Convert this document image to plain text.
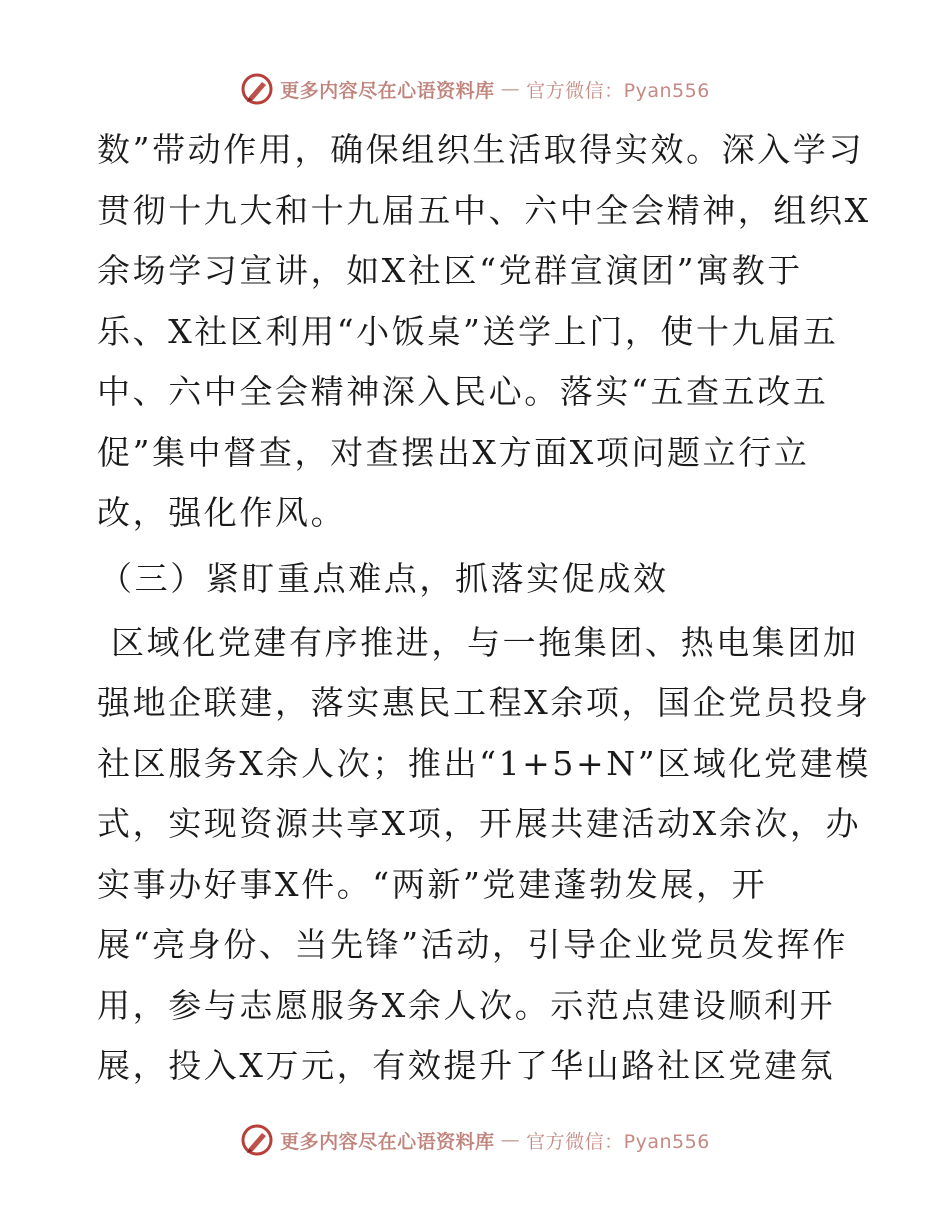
更多内容尽在心语资料库 — 官方微信：Pyan556
数”带动作用，确保组织生活取得实效。深入学习
贯彻十九大和十九届五中、六中全会精神，组织X
余场学习宣讲，如X社区“党群宣演团”寓教于
乐、X社区利用“小饭桌”送学上门，使十九届五
中、六中全会精神深入民心。落实“五查五改五
促”集中督查，对查摆出X方面X项问题立行立
改，强化作风。
（三）紧盯重点难点，抓落实促成效
区域化党建有序推进，与一拖集团、热电集团加
强地企联建，落实惠民工程X余项，国企党员投身
社区服务X余人次；推出“1+5+N”区域化党建模
式，实现资源共享X项，开展共建活动X余次，办
实事办好事X件。“两新”党建蓬勃发展，开
展“亮身份、当先锋”活动，引导企业党员发挥作
用，参与志愿服务X余人次。示范点建设顺利开
展，投入X万元，有效提升了华山路社区党建氛
更多内容尽在心语资料库 — 官方微信：Pyan556
